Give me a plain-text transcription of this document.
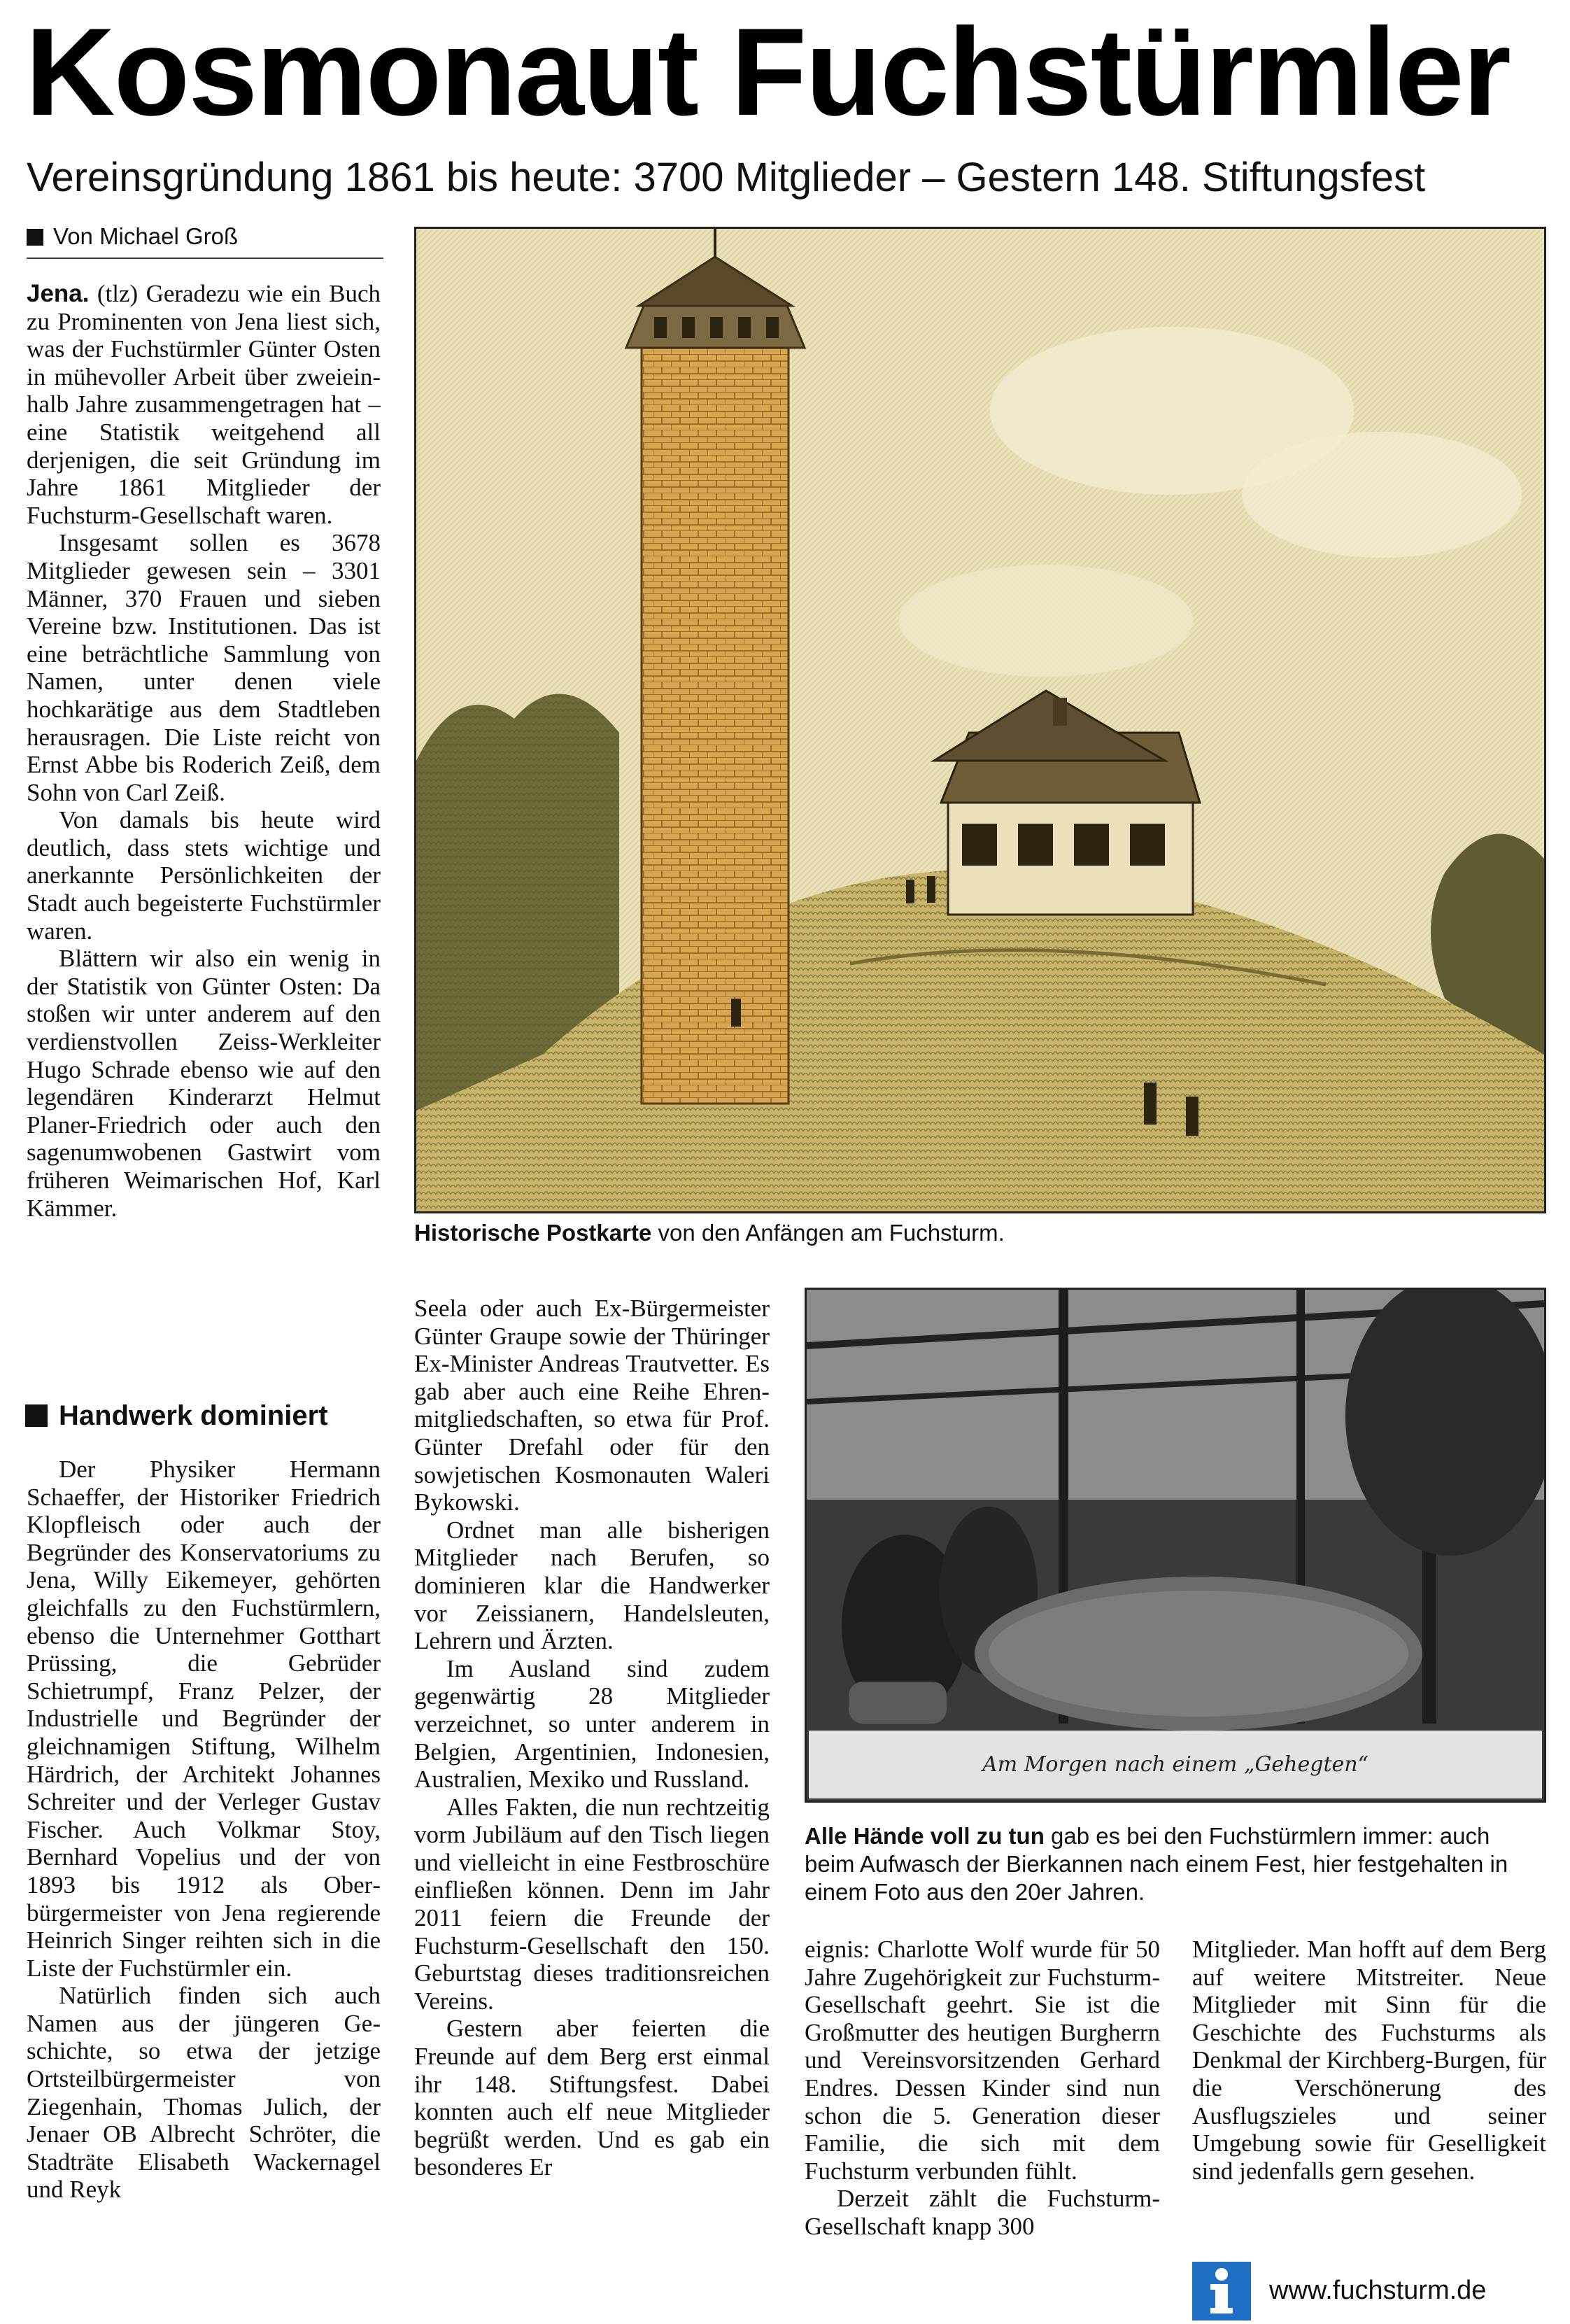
Kosmonaut Fuchstürmler
Vereinsgründung 1861 bis heute: 3700 Mitglieder – Gestern 148. Stiftungsfest
Von Michael Groß

Jena. (tlz) Geradezu wie ein Buch zu Prominenten von Jena liest sich, was der Fuchstürmler Günter Osten in mühevoller Arbeit über zweieinhalb Jahre zusammengetragen hat – eine Statistik weitgehend all derjenigen, die seit Gründung im Jahre 1861 Mitglieder der Fuchsturm-Gesellschaft waren.

Insgesamt sollen es 3678 Mitglieder gewesen sein – 3301 Männer, 370 Frauen und sieben Vereine bzw. Institutionen. Das ist eine beträchtliche Sammlung von Namen, unter denen viele hochkarätige aus dem Stadtleben herausragen. Die Liste reicht von Ernst Abbe bis Roderich Zeiß, dem Sohn von Carl Zeiß.

Von damals bis heute wird deutlich, dass stets wichtige und anerkannte Persönlichkeiten der Stadt auch begeisterte Fuchstürmler waren.

Blättern wir also ein wenig in der Statistik von Günter Osten: Da stoßen wir unter anderem auf den verdienstvollen Zeiss-Werkleiter Hugo Schrade ebenso wie auf den legendären Kinderarzt Helmut Planer-Friedrich oder auch den sagenumwobenen Gastwirt vom früheren Weimarischen Hof, Karl Kämmer.

Handwerk dominiert

Der Physiker Hermann Schaeffer, der Historiker Friedrich Klopfleisch oder auch der Begründer des Konservatoriums zu Jena, Willy Eikemeyer, gehörten gleichfalls zu den Fuchstürmlern, ebenso die Unternehmer Gotthart Prüssing, die Gebrüder Schietrumpf, Franz Pelzer, der Industrielle und Begründer der gleichnamigen Stiftung, Wilhelm Härdrich, der Architekt Johannes Schreiter und der Verleger Gustav Fischer. Auch Volkmar Stoy, Bernhard Vopelius und der von 1893 bis 1912 als Oberbürgermeister von Jena regierende Heinrich Singer reihten sich in die Liste der Fuchstürmler ein.

Natürlich finden sich auch Namen aus der jüngeren Geschichte, so etwa der jetzige Ortsteilbürgermeister von Ziegenhain, Thomas Julich, der Jenaer OB Albrecht Schröter, die Stadträte Elisabeth Wackernagel und Reyk

Historische Postkarte von den Anfängen am Fuchsturm.
Am Morgen nach einem „Gehegten“
Alle Hände voll zu tun gab es bei den Fuchstürmlern immer: auch beim Aufwasch der Bierkannen nach einem Fest, hier festgehalten in einem Foto aus den 20er Jahren.

Seela oder auch Ex-Bürgermeister Günter Graupe sowie der Thüringer Ex-Minister Andreas Trautvetter. Es gab aber auch eine Reihe Ehrenmitgliedschaften, so etwa für Prof. Günter Drefahl oder für den sowjetischen Kosmonauten Waleri Bykowski.

Ordnet man alle bisherigen Mitglieder nach Berufen, so dominieren klar die Handwerker vor Zeissianern, Handelsleuten, Lehrern und Ärzten.

Im Ausland sind zudem gegenwärtig 28 Mitglieder verzeichnet, so unter anderem in Belgien, Argentinien, Indonesien, Australien, Mexiko und Russland.

Alles Fakten, die nun rechtzeitig vorm Jubiläum auf den Tisch liegen und vielleicht in eine Festbroschüre einfließen können. Denn im Jahr 2011 feiern die Freunde der Fuchsturm-Gesellschaft den 150. Geburtstag dieses traditionsreichen Vereins.

Gestern aber feierten die Freunde auf dem Berg erst einmal ihr 148. Stiftungsfest. Dabei konnten auch elf neue Mitglieder begrüßt werden. Und es gab ein besonderes Er

eignis: Charlotte Wolf wurde für 50 Jahre Zugehörigkeit zur Fuchsturm-Gesellschaft geehrt. Sie ist die Großmutter des heutigen Burgherrn und Vereinsvorsitzenden Gerhard Endres. Dessen Kinder sind nun schon die 5. Generation dieser Familie, die sich mit dem Fuchsturm verbunden fühlt.

Derzeit zählt die Fuchsturm-Gesellschaft knapp 300

Mitglieder. Man hofft auf dem Berg auf weitere Mitstreiter. Neue Mitglieder mit Sinn für die Geschichte des Fuchsturms als Denkmal der Kirchberg-Burgen, für die Verschönerung des Ausflugszieles und seiner Umgebung sowie für Geselligkeit sind jedenfalls gern gesehen.

www.fuchsturm.de
